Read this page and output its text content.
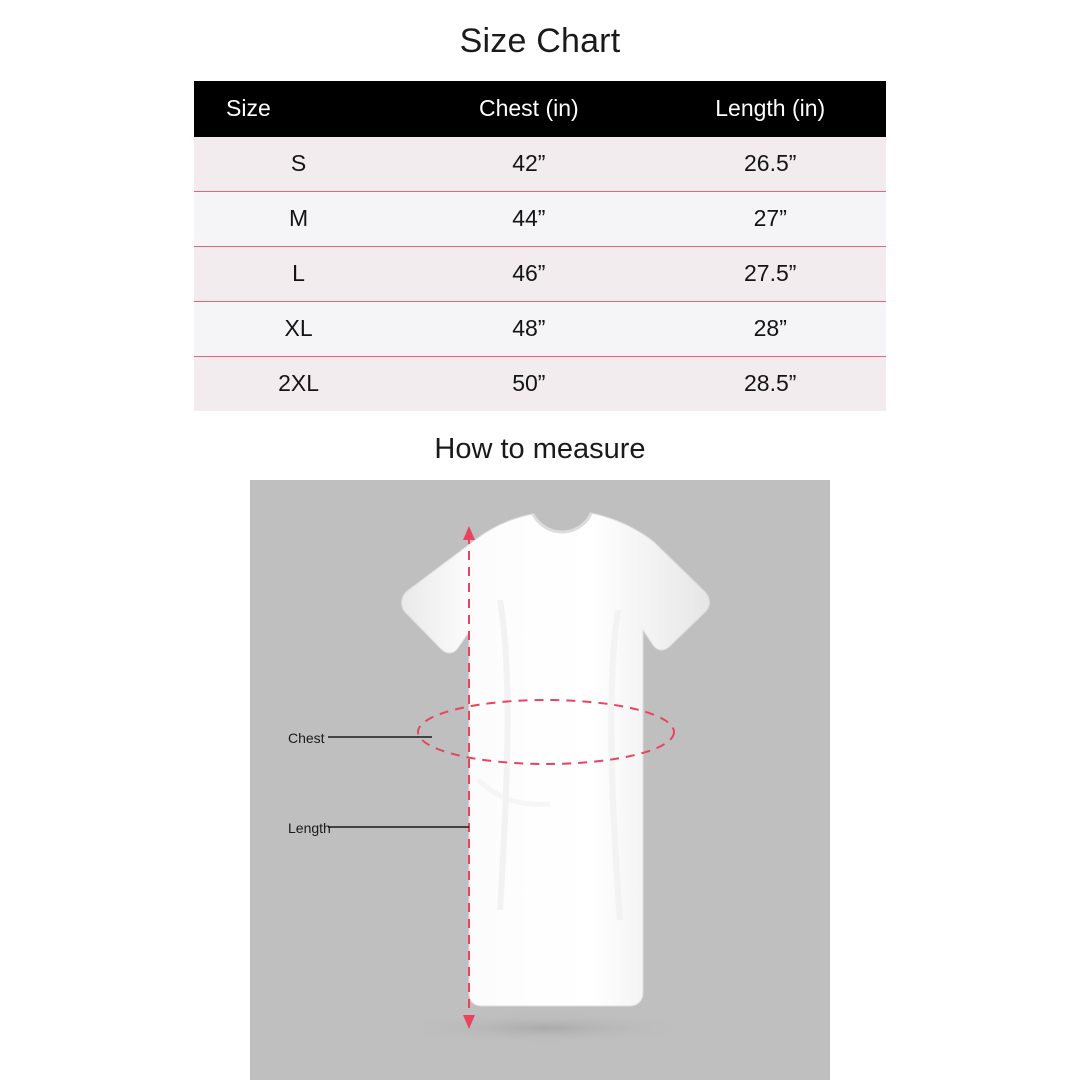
Size Chart
Size	Chest (in)	Length (in)
S	42”	26.5”
M	44”	27”
L	46”	27.5”
XL	48”	28”
2XL	50”	28.5”
How to measure
Chest
Length
